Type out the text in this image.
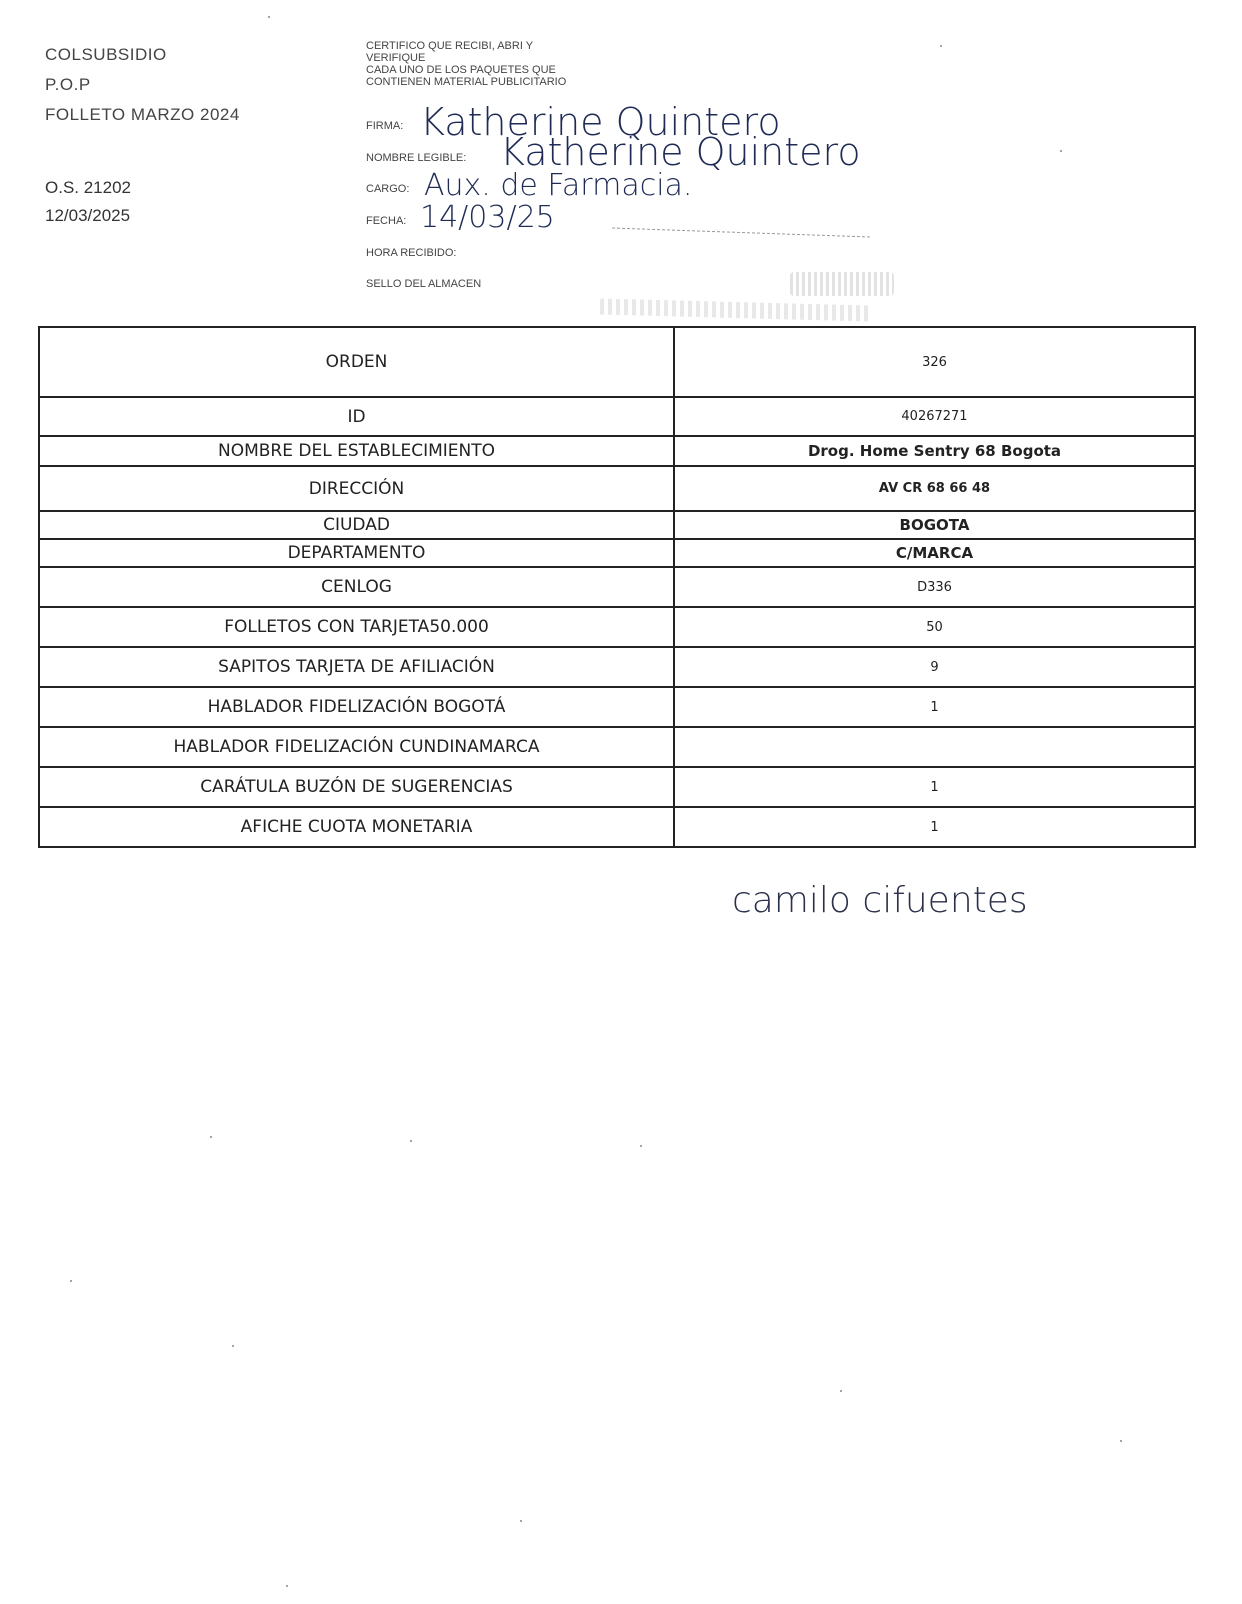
COLSUBSIDIO
P.O.P
FOLLETO MARZO 2024
O.S. 21202
12/03/2025
CERTIFICO QUE RECIBI, ABRI Y
VERIFIQUE
CADA UNO DE LOS PAQUETES QUE
CONTIENEN MATERIAL PUBLICITARIO
FIRMA: Katherine Quintero
NOMBRE LEGIBLE: Katherine Quintero
CARGO: Aux. de Farmacia.
FECHA: 14/03/25
HORA RECIBIDO:
SELLO DEL ALMACEN
ORDEN	326
ID	40267271
NOMBRE DEL ESTABLECIMIENTO	Drog. Home Sentry 68 Bogota
DIRECCIÓN	AV CR 68 66 48
CIUDAD	BOGOTA
DEPARTAMENTO	C/MARCA
CENLOG	D336
FOLLETOS CON TARJETA50.000	50
SAPITOS TARJETA DE AFILIACIÓN	9
HABLADOR FIDELIZACIÓN BOGOTÁ	1
HABLADOR FIDELIZACIÓN CUNDINAMARCA	
CARÁTULA BUZÓN DE SUGERENCIAS	1
AFICHE CUOTA MONETARIA	1
camilo cifuentes
